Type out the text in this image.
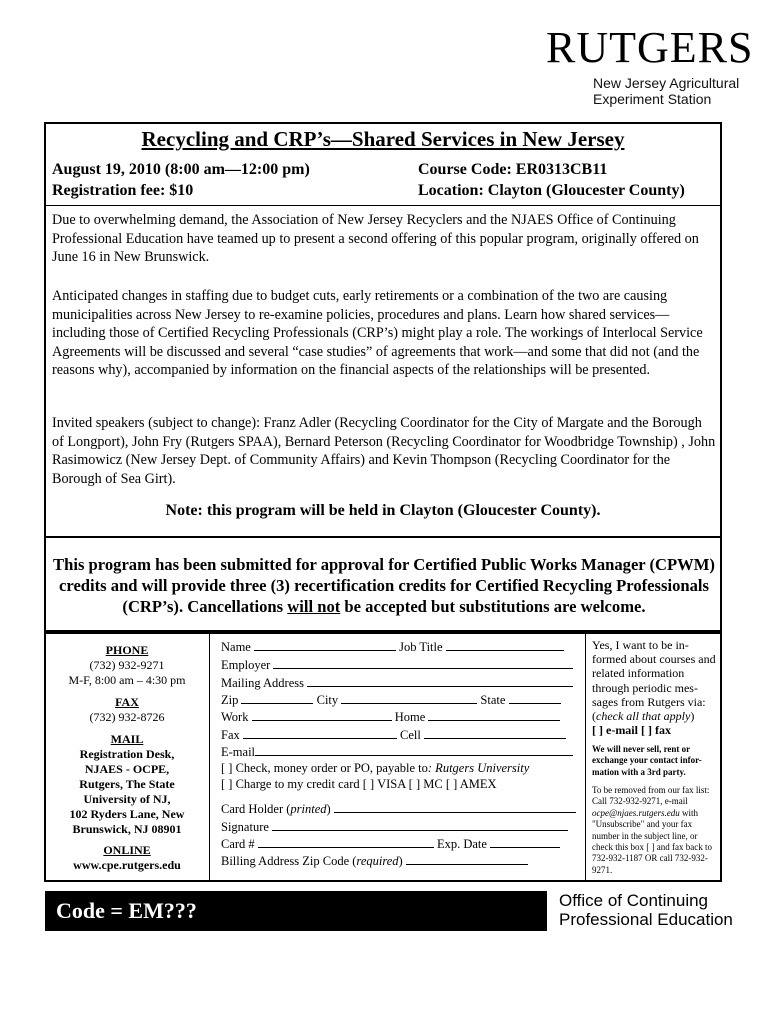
RUTGERS
New Jersey Agricultural
Experiment Station
Recycling and CRP’s—Shared Services in New Jersey
August 19, 2010 (8:00 am—12:00 pm)	Course Code: ER0313CB11
Registration fee: $10	Location: Clayton (Gloucester County)
Due to overwhelming demand, the Association of New Jersey Recyclers and the NJAES Office of Continuing Professional Education have teamed up to present a second offering of this popular program, originally offered on June 16 in New Brunswick.
Anticipated changes in staffing due to budget cuts, early retirements or a combination of the two are causing municipalities across New Jersey to re-examine policies, procedures and plans. Learn how shared services—including those of Certified Recycling Professionals (CRP’s) might play a role. The workings of Interlocal Service Agreements will be discussed and several “case studies” of agreements that work—and some that did not (and the reasons why), accompanied by information on the financial aspects of the relationships will be presented.
Invited speakers (subject to change): Franz Adler (Recycling Coordinator for the City of Margate and the Borough of Longport), John Fry (Rutgers SPAA), Bernard Peterson (Recycling Coordinator for Woodbridge Township) , John Rasimowicz (New Jersey Dept. of Community Affairs) and Kevin Thompson (Recycling Coordinator for the Borough of Sea Girt).
Note: this program will be held in Clayton (Gloucester County).
This program has been submitted for approval for Certified Public Works Manager (CPWM) credits and will provide three (3) recertification credits for Certified Recycling Professionals (CRP’s). Cancellations will not be accepted but substitutions are welcome.
PHONE
(732) 932-9271
M-F, 8:00 am – 4:30 pm
FAX
(732) 932-8726
MAIL
Registration Desk,
NJAES - OCPE,
Rutgers, The State
University of NJ,
102 Ryders Lane, New
Brunswick, NJ 08901
ONLINE
www.cpe.rutgers.edu
Name	Job Title
Employer
Mailing Address
Zip	City	State
Work	Home
Fax	Cell
E-mail
[ ] Check, money order or PO, payable to: Rutgers University
[ ] Charge to my credit card [ ] VISA [ ] MC [ ] AMEX
Card Holder (printed)
Signature
Card #	Exp. Date
Billing Address Zip Code (required)
Yes, I want to be in-formed about courses and related information through periodic mes-sages from Rutgers via: (check all that apply)
[ ] e-mail [ ] fax
We will never sell, rent or exchange your contact infor-mation with a 3rd party.
To be removed from our fax list: Call 732-932-9271, e-mail ocpe@njaes.rutgers.edu with "Unsubscribe" and your fax number in the subject line, or check this box [ ] and fax back to 732-932-1187 OR call 732-932-9271.
Code = EM???	Office of Continuing
Professional Education
